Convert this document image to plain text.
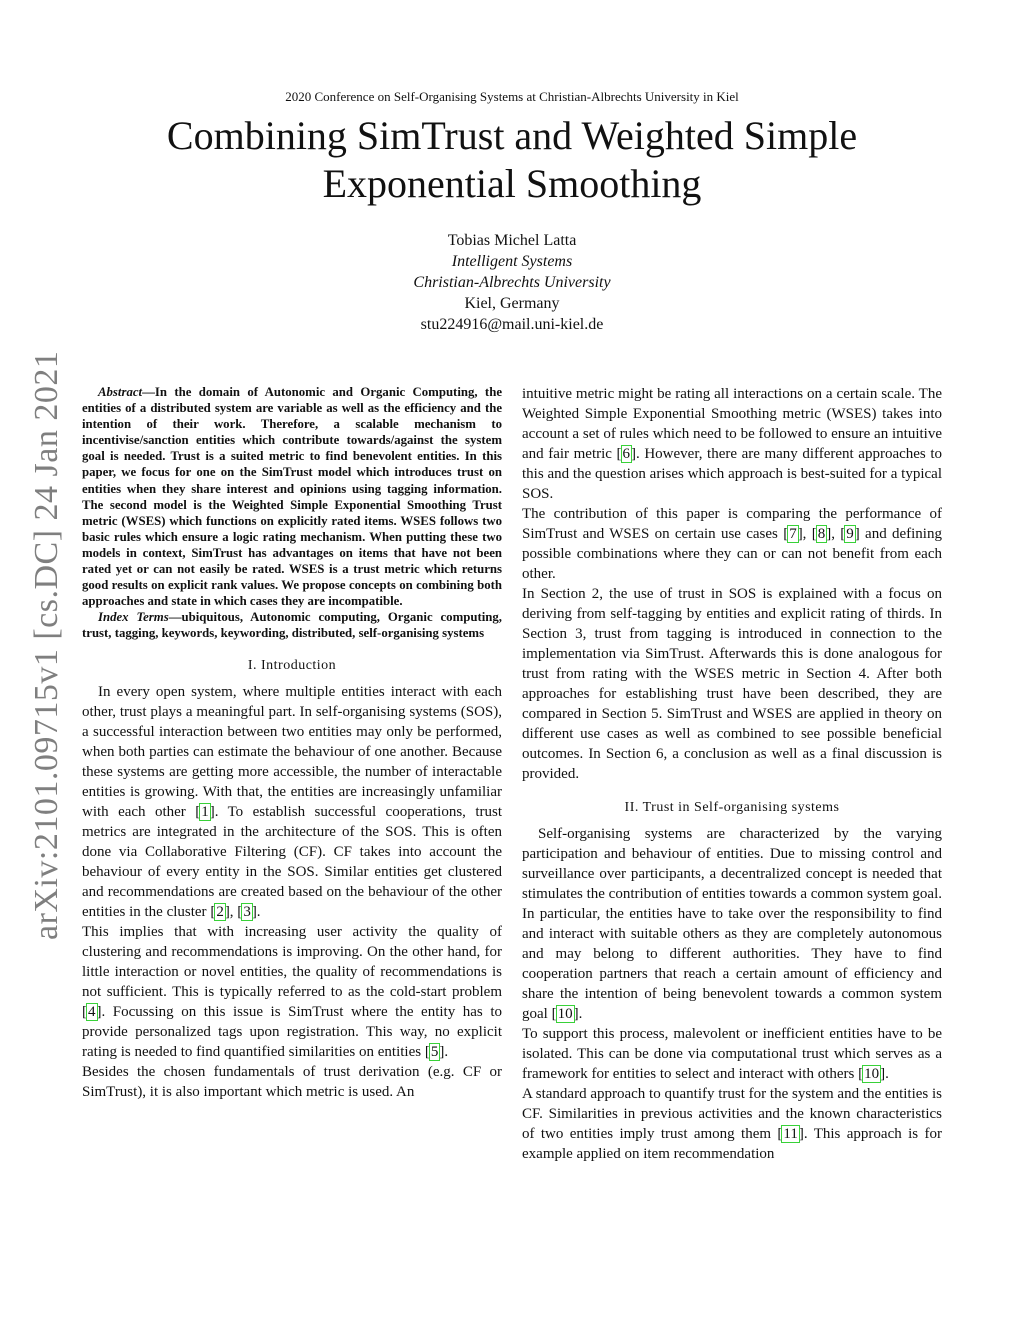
2020 Conference on Self-Organising Systems at Christian-Albrechts University in Kiel
Combining SimTrust and Weighted Simple Exponential Smoothing
Tobias Michel Latta
Intelligent Systems
Christian-Albrechts University
Kiel, Germany
stu224916@mail.uni-kiel.de
arXiv:2101.09715v1 [cs.DC] 24 Jan 2021	Abstract—In the domain of Autonomic and Organic Computing, the entities of a distributed system are variable as well as the efficiency and the intention of their work. Therefore, a scalable mechanism to incentivise/sanction entities which contribute towards/against the system goal is needed. Trust is a suited metric to find benevolent entities. In this paper, we focus for one on the SimTrust model which introduces trust on entities when they share interest and opinions using tagging information. The second model is the Weighted Simple Exponential Smoothing Trust metric (WSES) which functions on explicitly rated items. WSES follows two basic rules which ensure a logic rating mechanism. When putting these two models in context, SimTrust has advantages on items that have not been rated yet or can not easily be rated. WSES is a trust metric which returns good results on explicit rank values. We propose concepts on combining both approaches and state in which cases they are incompatible.

Index Terms—ubiquitous, Autonomic computing, Organic computing, trust, tagging, keywords, keywording, distributed, self-organising systems

I. Introduction

In every open system, where multiple entities interact with each other, trust plays a meaningful part. In self-organising systems (SOS), a successful interaction between two entities may only be performed, when both parties can estimate the behaviour of one another. Because these systems are getting more accessible, the number of interactable entities is growing. With that, the entities are increasingly unfamiliar with each other [1]. To establish successful cooperations, trust metrics are integrated in the architecture of the SOS. This is often done via Collaborative Filtering (CF). CF takes into account the behaviour of every entity in the SOS. Similar entities get clustered and recommendations are created based on the behaviour of the other entities in the cluster [2], [3].

This implies that with increasing user activity the quality of clustering and recommendations is improving. On the other hand, for little interaction or novel entities, the quality of recommendations is not sufficient. This is typically referred to as the cold-start problem [4]. Focussing on this issue is SimTrust where the entity has to provide personalized tags upon registration. This way, no explicit rating is needed to find quantified similarities on entities [5].

Besides the chosen fundamentals of trust derivation (e.g. CF or SimTrust), it is also important which metric is used. An

intuitive metric might be rating all interactions on a certain scale. The Weighted Simple Exponential Smoothing metric (WSES) takes into account a set of rules which need to be followed to ensure an intuitive and fair metric [6]. However, there are many different approaches to this and the question arises which approach is best-suited for a typical SOS.

The contribution of this paper is comparing the performance of SimTrust and WSES on certain use cases [7], [8], [9] and defining possible combinations where they can or can not benefit from each other.

In Section 2, the use of trust in SOS is explained with a focus on deriving from self-tagging by entities and explicit rating of thirds. In Section 3, trust from tagging is introduced in connection to the implementation via SimTrust. Afterwards this is done analogous for trust from rating with the WSES metric in Section 4. After both approaches for establishing trust have been described, they are compared in Section 5. SimTrust and WSES are applied in theory on different use cases as well as combined to see possible beneficial outcomes. In Section 6, a conclusion as well as a final discussion is provided.

II. Trust in Self-organising systems

Self-organising systems are characterized by the varying participation and behaviour of entities. Due to missing control and surveillance over participants, a decentralized concept is needed that stimulates the contribution of entities towards a common system goal. In particular, the entities have to take over the responsibility to find and interact with suitable others as they are completely autonomous and may belong to different authorities. They have to find cooperation partners that reach a certain amount of efficiency and share the intention of being benevolent towards a common system goal [10].

To support this process, malevolent or inefficient entities have to be isolated. This can be done via computational trust which serves as a framework for entities to select and interact with others [10].

A standard approach to quantify trust for the system and the entities is CF. Similarities in previous activities and the known characteristics of two entities imply trust among them [11]. This approach is for example applied on item recommendation
